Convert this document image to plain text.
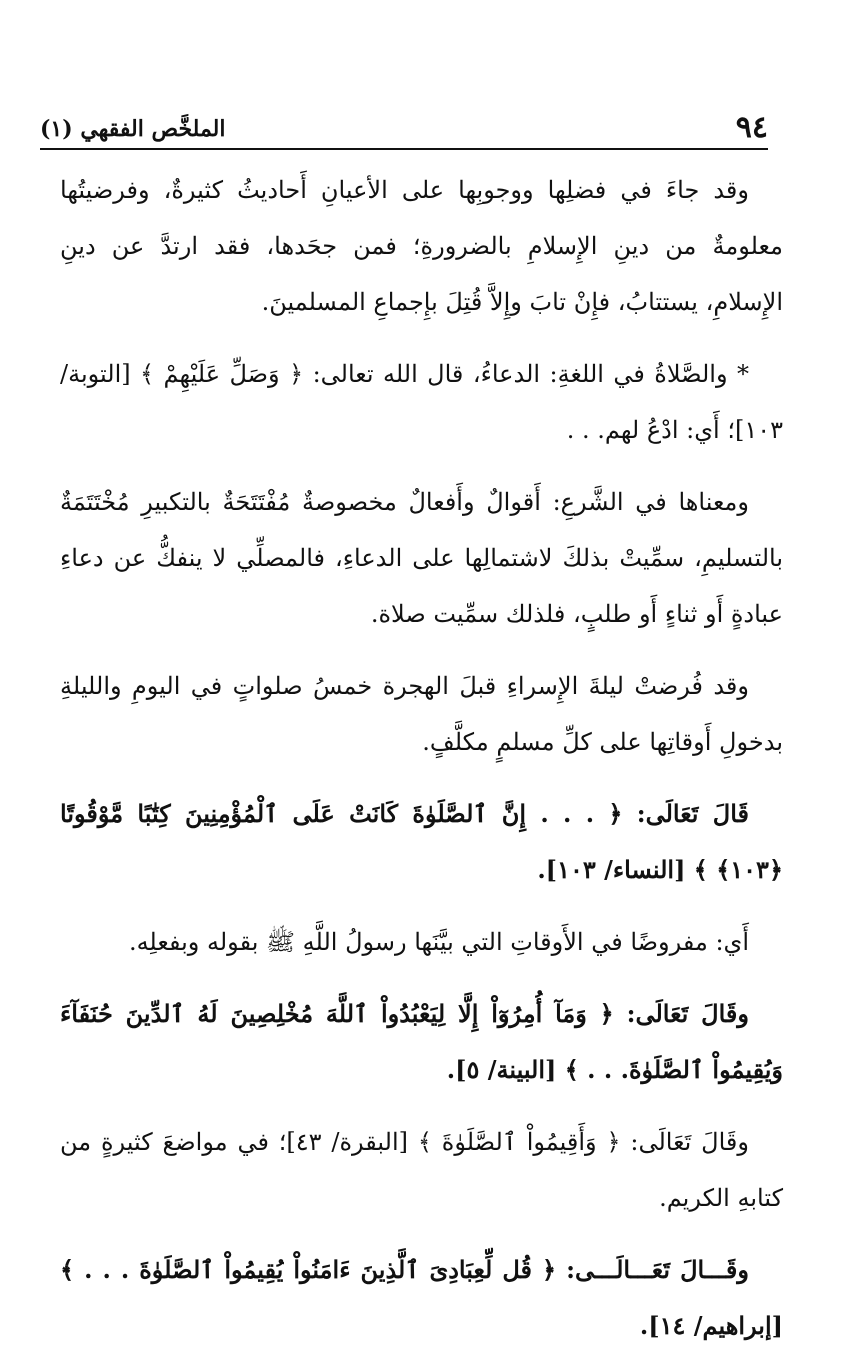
٩٤
الملخَّص الفقهي (١)

وقد جاءَ في فضلِها ووجوبِها على الأعيانِ أَحاديثُ كثيرةٌ، وفرضيتُها معلومةٌ من دينِ الإِسلامِ بالضرورةِ؛ فمن جحَدها، فقد ارتدَّ عن دينِ الإِسلامِ، يستتابُ، فإِنْ تابَ وإِلاَّ قُتِلَ بإِجماعِ المسلمينَ.

* والصَّلاةُ في اللغةِ: الدعاءُ، قال الله تعالى: ﴿ وَصَلِّ عَلَيْهِمْ ﴾ [التوبة/ ١٠٣]؛ أَي: ادْعُ لهم. . .

ومعناها في الشَّرعِ: أَقوالٌ وأَفعالٌ مخصوصةٌ مُفْتَتَحَةٌ بالتكبيرِ مُخْتَتَمَةٌ بالتسليمِ، سمِّيتْ بذلكَ لاشتمالِها على الدعاءِ، فالمصلِّي لا ينفكُّ عن دعاءِ عبادةٍ أَو ثناءٍ أَو طلبٍ، فلذلك سمِّيت صلاة.

وقد فُرضتْ ليلةَ الإِسراءِ قبلَ الهجرة خمسُ صلواتٍ في اليومِ والليلةِ بدخولِ أَوقاتِها على كلِّ مسلمٍ مكلَّفٍ.

قَالَ تَعَالَى: ﴿ . . . إِنَّ ٱلصَّلَوٰةَ كَانَتْ عَلَى ٱلْمُؤْمِنِينَ كِتَٰبًا مَّوْقُوتًا ﴿١٠٣﴾ ﴾ [النساء/ ١٠٣].

أَي: مفروضًا في الأَوقاتِ التي بيَّنَها رسولُ اللَّهِ ﷺ بقوله وبفعلِه.

وقَالَ تَعَالَى: ﴿ وَمَآ أُمِرُوٓاْ إِلَّا لِيَعْبُدُواْ ٱللَّهَ مُخْلِصِينَ لَهُ ٱلدِّينَ حُنَفَآءَ وَيُقِيمُواْ ٱلصَّلَوٰةَ. . . ﴾ [البينة/ ٥].

وقَالَ تَعَالَى: ﴿ وَأَقِيمُواْ ٱلصَّلَوٰةَ ﴾ [البقرة/ ٤٣]؛ في مواضعَ كثيرةٍ من كتابهِ الكريم.

وقَـــالَ تَعَـــالَـــى: ﴿ قُل لِّعِبَادِىَ ٱلَّذِينَ ءَامَنُواْ يُقِيمُواْ ٱلصَّلَوٰةَ . . . ﴾ [إبراهيم/ ١٤].
